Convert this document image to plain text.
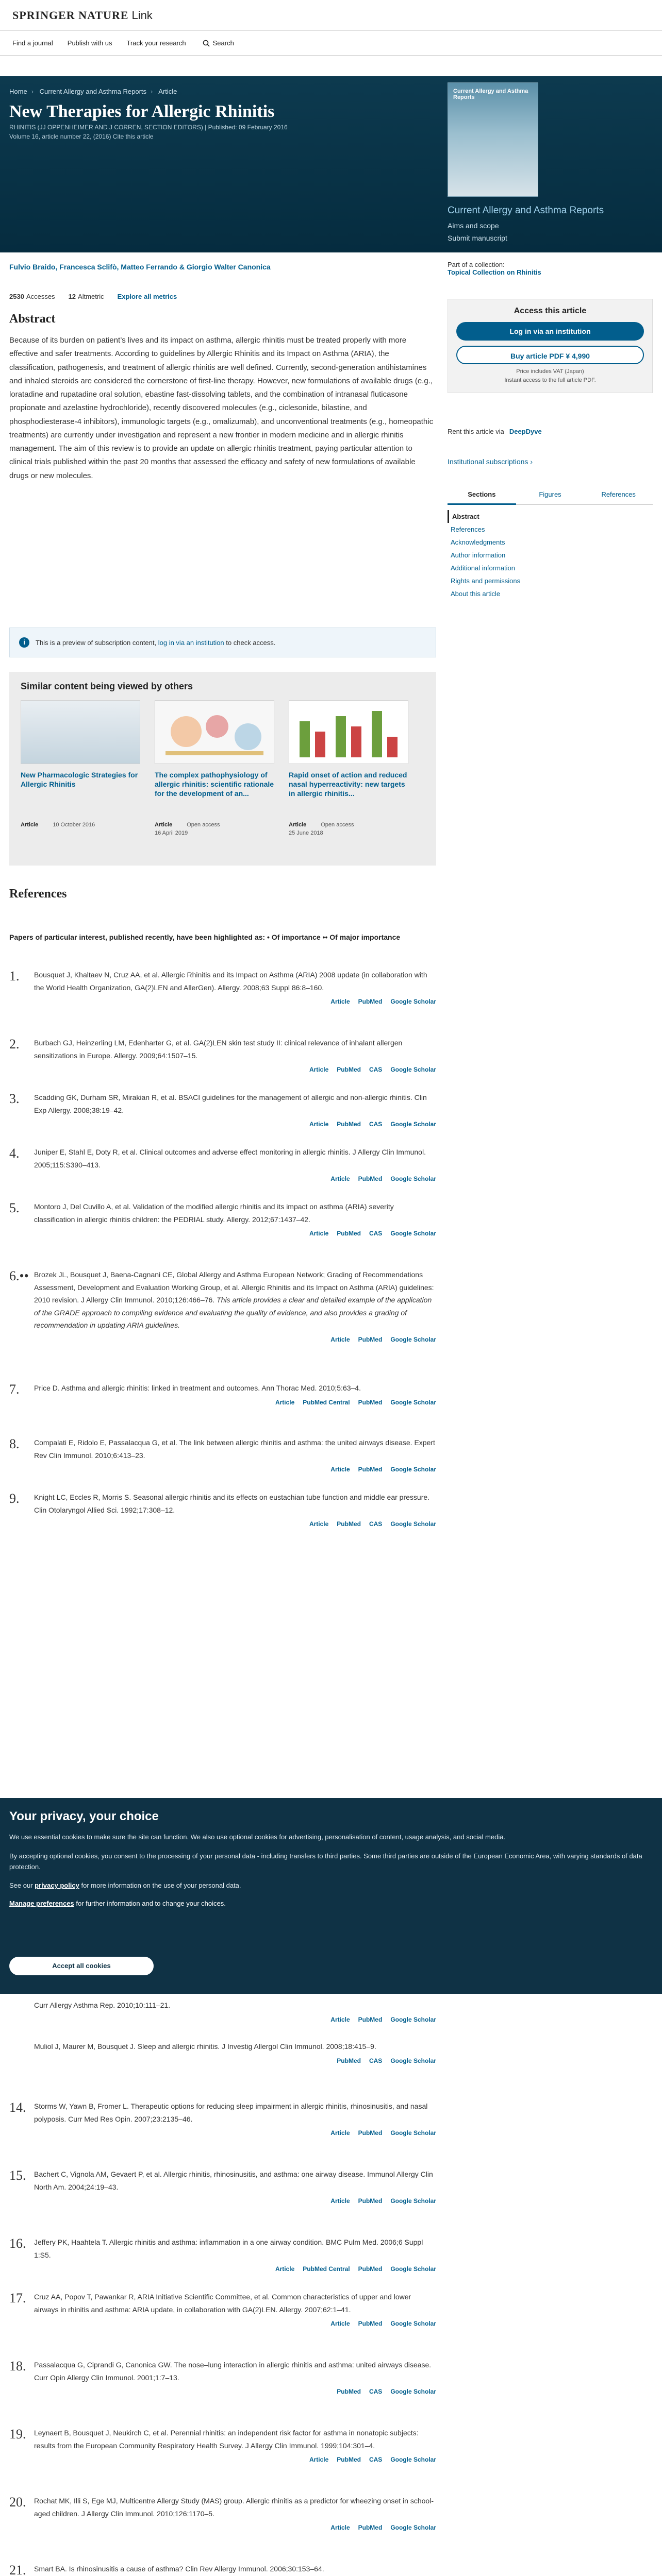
SPRINGER NATURE Link
Find a journal Publish with us Track your research	Search
Home › Current Allergy and Asthma Reports › Article
New Therapies for Allergic Rhinitis
RHINITIS (JJ OPPENHEIMER AND J CORREN, SECTION EDITORS) | Published: 09 February 2016
Volume 16, article number 22, (2016) Cite this article
Current Allergy and Asthma Reports
Current Allergy and Asthma Reports
Aims and scope
Submit manuscript
Fulvio Braido, Francesca Sclifò, Matteo Ferrando & Giorgio Walter Canonica
2530 Accesses 12 Altmetric Explore all metrics
Abstract
Because of its burden on patient’s lives and its impact on asthma, allergic rhinitis must be treated properly with more effective and safer treatments. According to guidelines by Allergic Rhinitis and its Impact on Asthma (ARIA), the classification, pathogenesis, and treatment of allergic rhinitis are well defined. Currently, second-generation antihistamines and inhaled steroids are considered the cornerstone of first-line therapy. However, new formulations of available drugs (e.g., loratadine and rupatadine oral solution, ebastine fast-dissolving tablets, and the combination of intranasal fluticasone propionate and azelastine hydrochloride), recently discovered molecules (e.g., ciclesonide, bilastine, and phosphodiesterase-4 inhibitors), immunologic targets (e.g., omalizumab), and unconventional treatments (e.g., homeopathic treatments) are currently under investigation and represent a new frontier in modern medicine and in allergic rhinitis management. The aim of this review is to provide an update on allergic rhinitis treatment, paying particular attention to clinical trials published within the past 20 months that assessed the efficacy and safety of new formulations of available drugs or new molecules.
i	This is a preview of subscription content, log in via an institution to check access.
Similar content being viewed by others
New Pharmacologic Strategies for Allergic Rhinitis
Article	10 October 2016
The complex pathophysiology of allergic rhinitis: scientific rationale for the development of an...
Article	Open access
16 April 2019
Rapid onset of action and reduced nasal hyperreactivity: new targets in allergic rhinitis...
Article	Open access
25 June 2018
References
Papers of particular interest, published recently, have been highlighted as: • Of importance •• Of major importance
1. Bousquet J, Khaltaev N, Cruz AA, et al. Allergic Rhinitis and its Impact on Asthma (ARIA) 2008 update (in collaboration with the World Health Organization, GA(2)LEN and AllerGen). Allergy. 2008;63 Suppl 86:8–160.
Article PubMed Google Scholar
2. Burbach GJ, Heinzerling LM, Edenharter G, et al. GA(2)LEN skin test study II: clinical relevance of inhalant allergen sensitizations in Europe. Allergy. 2009;64:1507–15.
Article PubMed CAS Google Scholar
3. Scadding GK, Durham SR, Mirakian R, et al. BSACI guidelines for the management of allergic and non-allergic rhinitis. Clin Exp Allergy. 2008;38:19–42.
Article PubMed CAS Google Scholar
4. Juniper E, Stahl E, Doty R, et al. Clinical outcomes and adverse effect monitoring in allergic rhinitis. J Allergy Clin Immunol. 2005;115:S390–413.
Article PubMed Google Scholar
5. Montoro J, Del Cuvillo A, et al. Validation of the modified allergic rhinitis and its impact on asthma (ARIA) severity classification in allergic rhinitis children: the PEDRIAL study. Allergy. 2012;67:1437–42.
Article PubMed CAS Google Scholar
6.•• Brozek JL, Bousquet J, Baena-Cagnani CE, Global Allergy and Asthma European Network; Grading of Recommendations Assessment, Development and Evaluation Working Group, et al. Allergic Rhinitis and its Impact on Asthma (ARIA) guidelines: 2010 revision. J Allergy Clin Immunol. 2010;126:466–76. This article provides a clear and detailed example of the application of the GRADE approach to compiling evidence and evaluating the quality of evidence, and also provides a grading of recommendation in updating ARIA guidelines.
Article PubMed Google Scholar
7. Price D. Asthma and allergic rhinitis: linked in treatment and outcomes. Ann Thorac Med. 2010;5:63–4.
Article PubMed Central PubMed Google Scholar
8. Compalati E, Ridolo E, Passalacqua G, et al. The link between allergic rhinitis and asthma: the united airways disease. Expert Rev Clin Immunol. 2010;6:413–23.
Article PubMed Google Scholar
9. Knight LC, Eccles R, Morris S. Seasonal allergic rhinitis and its effects on eustachian tube function and middle ear pressure. Clin Otolaryngol Allied Sci. 1992;17:308–12.
Article PubMed CAS Google Scholar
Curr Allergy Asthma Rep. 2010;10:111–21.
Article PubMed Google Scholar
Muliol J, Maurer M, Bousquet J. Sleep and allergic rhinitis. J Investig Allergol Clin Immunol. 2008;18:415–9.
PubMed CAS Google Scholar
14. Storms W, Yawn B, Fromer L. Therapeutic options for reducing sleep impairment in allergic rhinitis, rhinosinusitis, and nasal polyposis. Curr Med Res Opin. 2007;23:2135–46.
Article PubMed Google Scholar
15. Bachert C, Vignola AM, Gevaert P, et al. Allergic rhinitis, rhinosinusitis, and asthma: one airway disease. Immunol Allergy Clin North Am. 2004;24:19–43.
Article PubMed Google Scholar
16. Jeffery PK, Haahtela T. Allergic rhinitis and asthma: inflammation in a one airway condition. BMC Pulm Med. 2006;6 Suppl 1:S5.
Article PubMed Central PubMed Google Scholar
17. Cruz AA, Popov T, Pawankar R, ARIA Initiative Scientific Committee, et al. Common characteristics of upper and lower airways in rhinitis and asthma: ARIA update, in collaboration with GA(2)LEN. Allergy. 2007;62:1–41.
Article PubMed Google Scholar
18. Passalacqua G, Ciprandi G, Canonica GW. The nose–lung interaction in allergic rhinitis and asthma: united airways disease. Curr Opin Allergy Clin Immunol. 2001;1:7–13.
PubMed CAS Google Scholar
19. Leynaert B, Bousquet J, Neukirch C, et al. Perennial rhinitis: an independent risk factor for asthma in nonatopic subjects: results from the European Community Respiratory Health Survey. J Allergy Clin Immunol. 1999;104:301–4.
Article PubMed CAS Google Scholar
20. Rochat MK, Illi S, Ege MJ, Multicentre Allergy Study (MAS) group. Allergic rhinitis as a predictor for wheezing onset in school-aged children. J Allergy Clin Immunol. 2010;126:1170–5.
Article PubMed Google Scholar
21. Smart BA. Is rhinosinusitis a cause of asthma? Clin Rev Allergy Immunol. 2006;30:153–64.
Part of a collection:
Topical Collection on Rhinitis
Access this article
Log in via an institution
Buy article PDF ¥ 4,990
Price includes VAT (Japan)
Instant access to the full article PDF.
Rent this article via DeepDyve
Institutional subscriptions ›
Sections	Figures	References
Abstract
References
Acknowledgments
Author information
Additional information
Rights and permissions
About this article
Your privacy, your choice

We use essential cookies to make sure the site can function. We also use optional cookies for advertising, personalisation of content, usage analysis, and social media.

By accepting optional cookies, you consent to the processing of your personal data - including transfers to third parties. Some third parties are outside of the European Economic Area, with varying standards of data protection.

See our privacy policy for more information on the use of your personal data.

Manage preferences for further information and to change your choices.
Accept all cookies
